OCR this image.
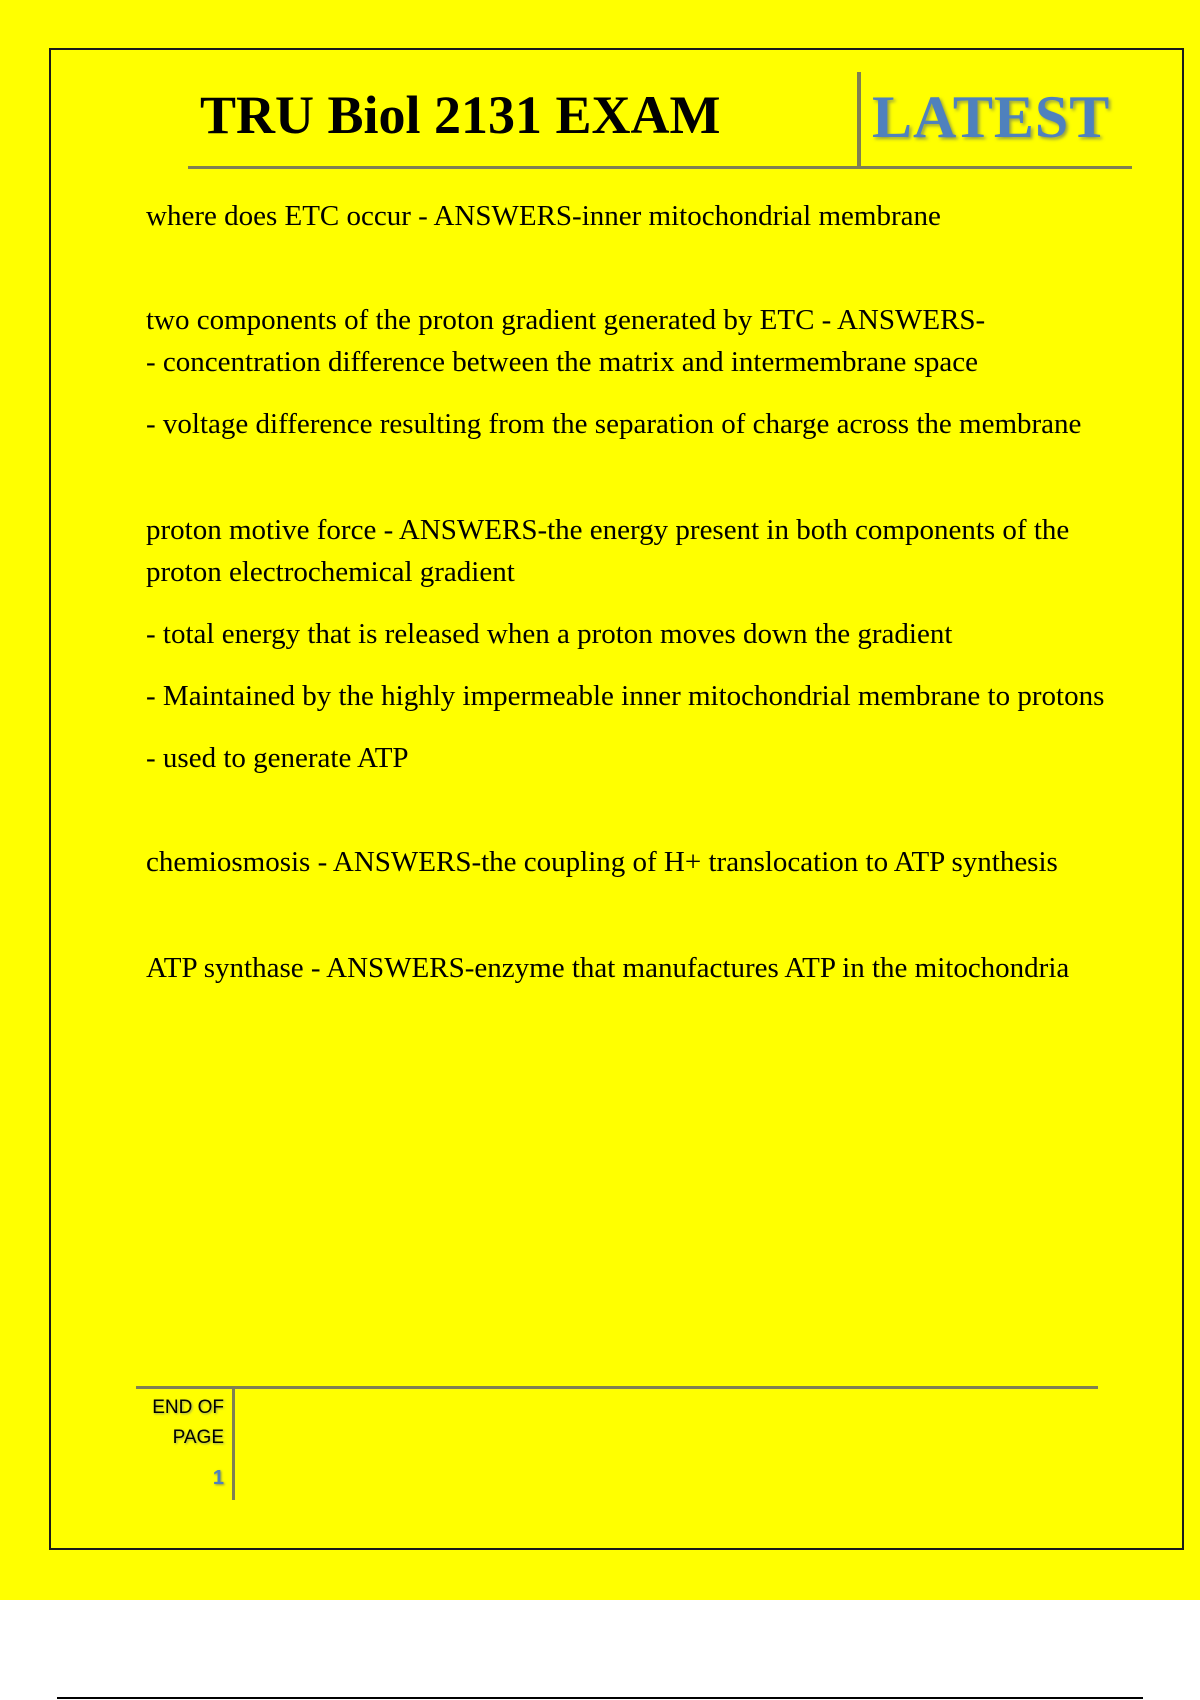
TRU Biol 2131 EXAM	LATEST

where does ETC occur - ANSWERS-inner mitochondrial membrane

two components of the proton gradient generated by ETC - ANSWERS-

- concentration difference between the matrix and intermembrane space

- voltage difference resulting from the separation of charge across the membrane

proton motive force - ANSWERS-the energy present in both components of the proton electrochemical gradient

- total energy that is released when a proton moves down the gradient

- Maintained by the highly impermeable inner mitochondrial membrane to protons

- used to generate ATP

chemiosmosis - ANSWERS-the coupling of H+ translocation to ATP synthesis

ATP synthase - ANSWERS-enzyme that manufactures ATP in the mitochondria

END OF PAGE
1
